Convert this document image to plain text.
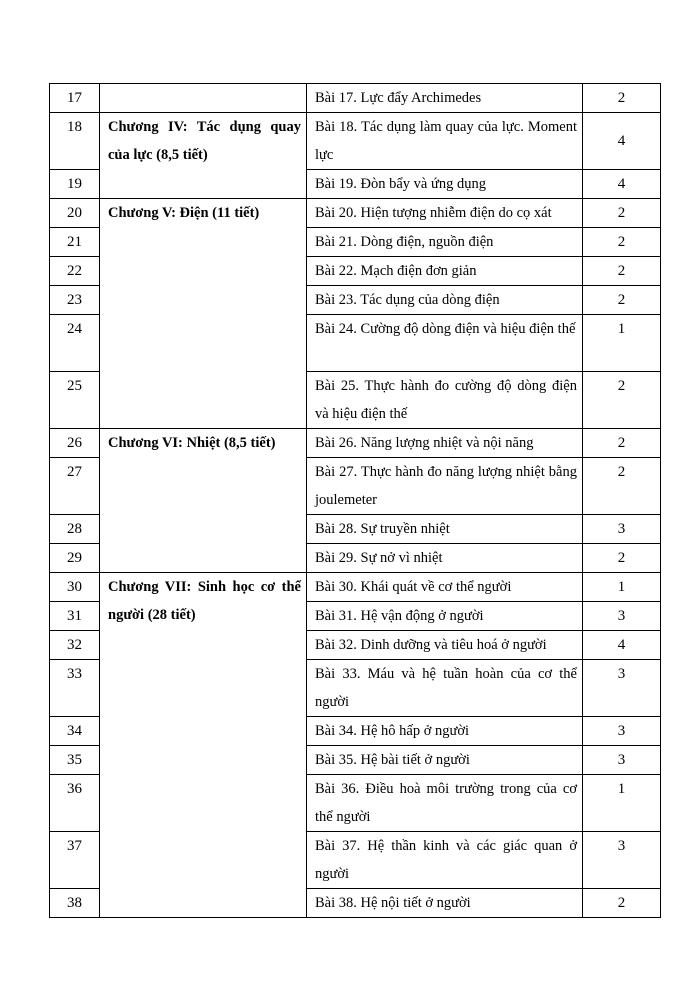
17		Bài 17. Lực đẩy Archimedes	2
18	Chương IV: Tác dụng quay của lực (8,5 tiết)	Bài 18. Tác dụng làm quay của lực. Moment lực	4
19		Bài 19. Đòn bẩy và ứng dụng	4
20	Chương V: Điện (11 tiết)	Bài 20. Hiện tượng nhiễm điện do cọ xát	2
21		Bài 21. Dòng điện, nguồn điện	2
22		Bài 22. Mạch điện đơn giản	2
23		Bài 23. Tác dụng của dòng điện	2
24		Bài 24. Cường độ dòng điện và hiệu điện thế	1
25		Bài 25. Thực hành đo cường độ dòng điện và hiệu điện thế	2
26	Chương VI: Nhiệt (8,5 tiết)	Bài 26. Năng lượng nhiệt và nội năng	2
27		Bài 27. Thực hành đo năng lượng nhiệt bằng joulemeter	2
28		Bài 28. Sự truyền nhiệt	3
29		Bài 29. Sự nở vì nhiệt	2
30	Chương VII: Sinh học cơ thể người (28 tiết)	Bài 30. Khái quát về cơ thể người	1
31		Bài 31. Hệ vận động ở người	3
32		Bài 32. Dinh dưỡng và tiêu hoá ở người	4
33		Bài 33. Máu và hệ tuần hoàn của cơ thể người	3
34		Bài 34. Hệ hô hấp ở người	3
35		Bài 35. Hệ bài tiết ở người	3
36		Bài 36. Điều hoà môi trường trong của cơ thể người	1
37		Bài 37. Hệ thần kinh và các giác quan ở người	3
38		Bài 38. Hệ nội tiết ở người	2
